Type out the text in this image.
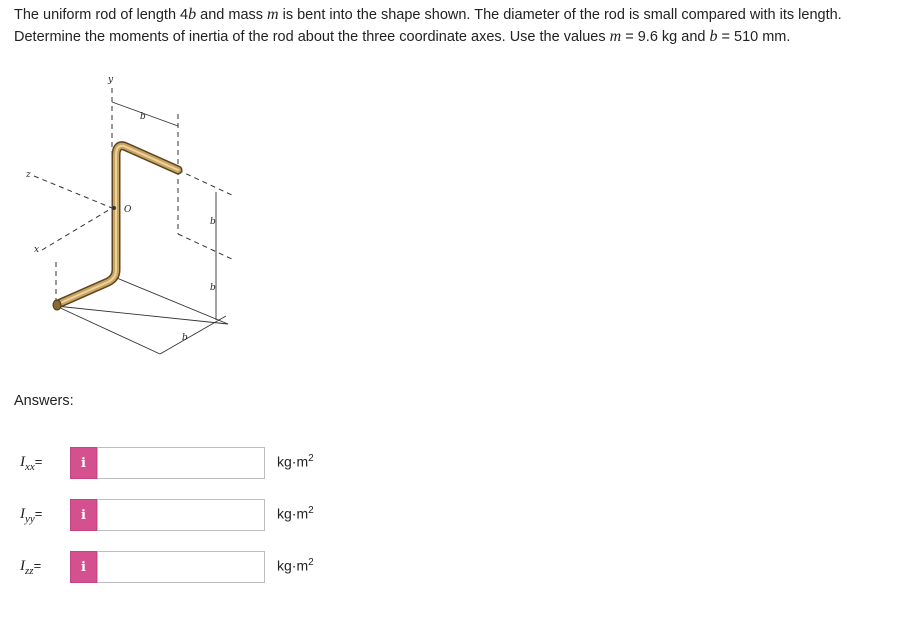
The uniform rod of length 4b and mass m is bent into the shape shown. The diameter of the rod is small compared with its length.
Determine the moments of inertia of the rod about the three coordinate axes. Use the values m = 9.6 kg and b = 510 mm.
y
z
x
O
b
b
b
b
Answers:
$I_{xx}=$	i	$kg\cdot m^2$
$I_{yy}=$	i	$kg\cdot m^2$
$I_{zz}=$	i	$kg\cdot m^2$
